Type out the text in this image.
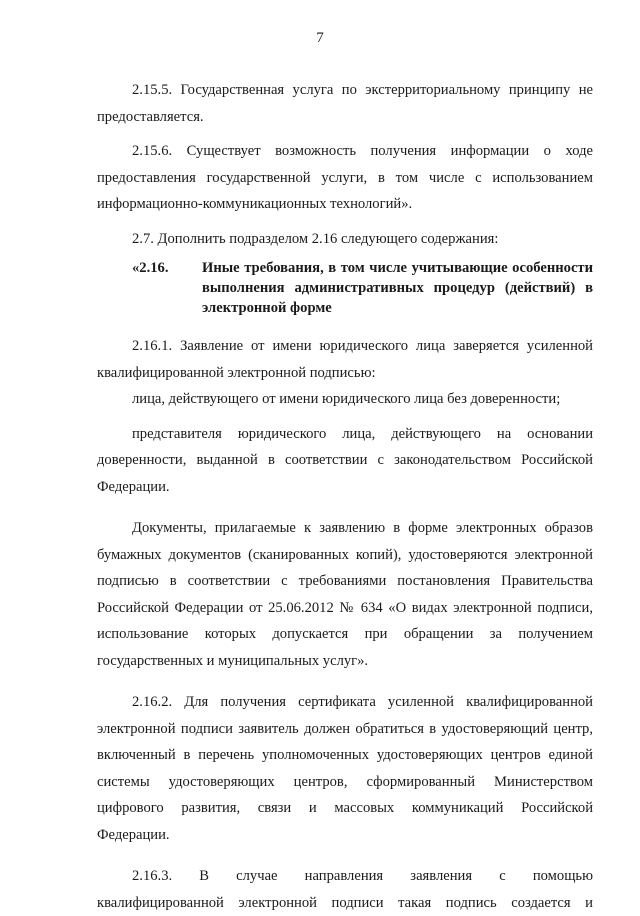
7

2.15.5. Государственная услуга по экстерриториальному принципу не

предоставляется.

2.15.6. Существует возможность получения информации о ходе

предоставления государственной услуги, в том числе с использованием

информационно-коммуникационных технологий».

2.7. Дополнить подразделом 2.16 следующего содержания:

«2.16.	Иные требования, в том числе учитывающие особенности выполнения административных процедур (действий) в электронной форме

2.16.1. Заявление от имени юридического лица заверяется усиленной

квалифицированной электронной подписью:

лица, действующего от имени юридического лица без доверенности;

представителя юридического лица, действующего на основании

доверенности, выданной в соответствии с законодательством Российской

Федерации.

Документы, прилагаемые к заявлению в форме электронных образов

бумажных документов (сканированных копий), удостоверяются электронной

подписью в соответствии с требованиями постановления Правительства

Российской Федерации от 25.06.2012 № 634 «О видах электронной подписи,

использование которых допускается при обращении за получением

государственных и муниципальных услуг».

2.16.2. Для получения сертификата усиленной квалифицированной

электронной подписи заявитель должен обратиться в удостоверяющий центр,

включенный в перечень уполномоченных удостоверяющих центров единой

системы удостоверяющих центров, сформированный Министерством

цифрового развития, связи и массовых коммуникаций Российской

Федерации.

2.16.3. В случае направления заявления с помощью

квалифицированной электронной подписи такая подпись создается и
